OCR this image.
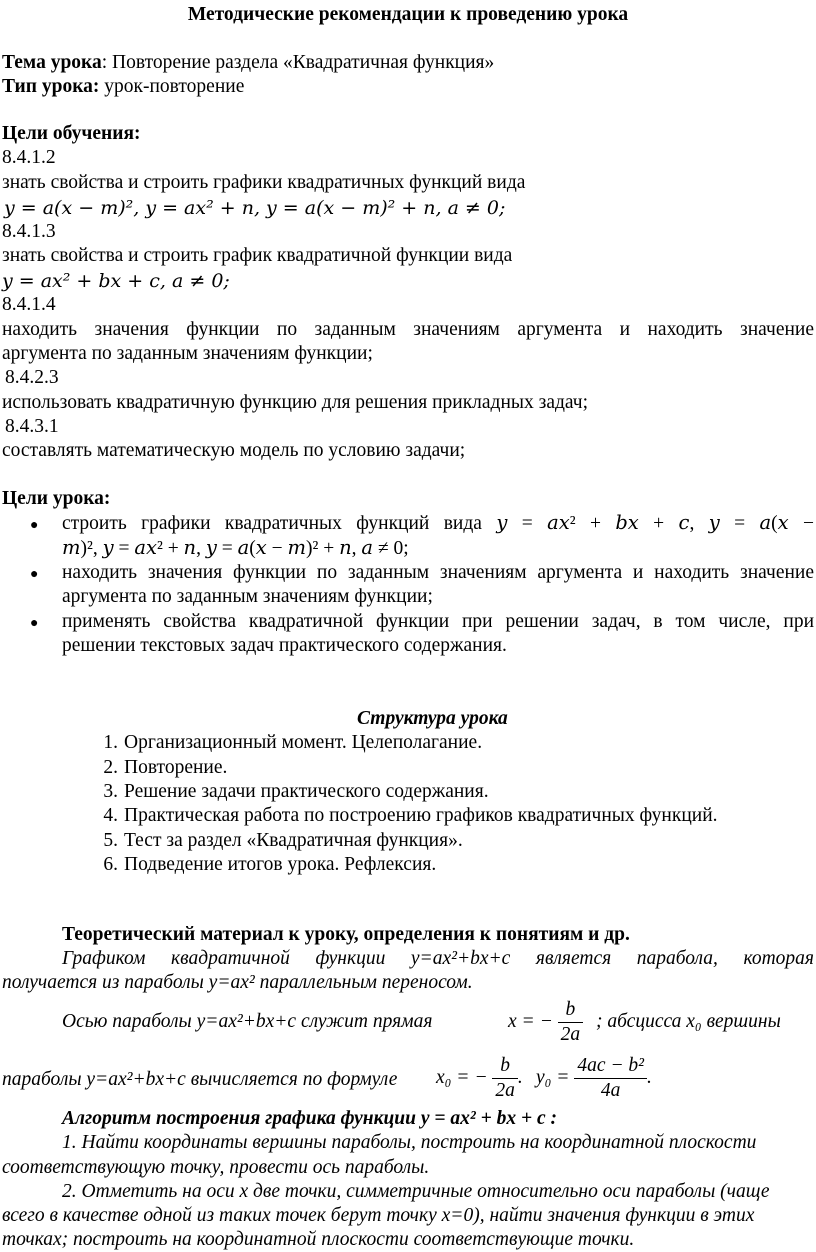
Методические рекомендации к проведению урока
Тема урока: Повторение раздела «Квадратичная функция»
Тип урока: урок-повторение
Цели обучения:
8.4.1.2
знать свойства и строить графики квадратичных функций вида
𝑦 = 𝑎(𝑥 − 𝑚)², 𝑦 = 𝑎𝑥² + 𝑛, 𝑦 = 𝑎(𝑥 − 𝑚)² + 𝑛, 𝑎 ≠ 0;
8.4.1.3
знать свойства и строить график квадратичной функции вида
𝑦 = 𝑎𝑥² + 𝑏𝑥 + 𝑐, 𝑎 ≠ 0;
8.4.1.4
находить значения функции по заданным значениям аргумента и находить значение
аргумента по заданным значениям функции;
8.4.2.3
использовать квадратичную функцию для решения прикладных задач;
8.4.3.1
составлять математическую модель по условию задачи;
Цели урока:
● строить графики квадратичных функций вида 𝑦 = 𝑎𝑥² + 𝑏𝑥 + 𝑐, 𝑦 = 𝑎(𝑥 −
𝑚)², 𝑦 = 𝑎𝑥² + 𝑛, 𝑦 = 𝑎(𝑥 − 𝑚)² + 𝑛, 𝑎 ≠ 0;
● находить значения функции по заданным значениям аргумента и находить значение
аргумента по заданным значениям функции;
● применять свойства квадратичной функции при решении задач, в том числе, при
решении текстовых задач практического содержания.
Структура урока
1. Организационный момент. Целеполагание.
2. Повторение.
3. Решение задачи практического содержания.
4. Практическая работа по построению графиков квадратичных функций.
5. Тест за раздел «Квадратичная функция».
6. Подведение итогов урока. Рефлексия.
Теоретический материал к уроку, определения к понятиям и др.
Графиком квадратичной функции y=ax²+bx+c является парабола, которая
получается из параболы y=ax² параллельным переносом.
Осью параболы y=ax²+bx+c служит прямая	x = − $\frac{b}{2a}$ ; абсцисса x₀ вершины
параболы y=ax²+bx+c вычисляется по формуле x₀ = − $\frac{b}{2a}$ . $y_0 = \frac{\text{4ac − b²}}{4a}$ .
Алгоритм построения графика функции y = ax² + bx + c :
1. Найти координаты вершины параболы, построить на координатной плоскости
соответствующую точку, провести ось параболы.
2. Отметить на оси x две точки, симметричные относительно оси параболы (чаще
всего в качестве одной из таких точек берут точку x=0), найти значения функции в этих
точках; построить на координатной плоскости соответствующие точки.
